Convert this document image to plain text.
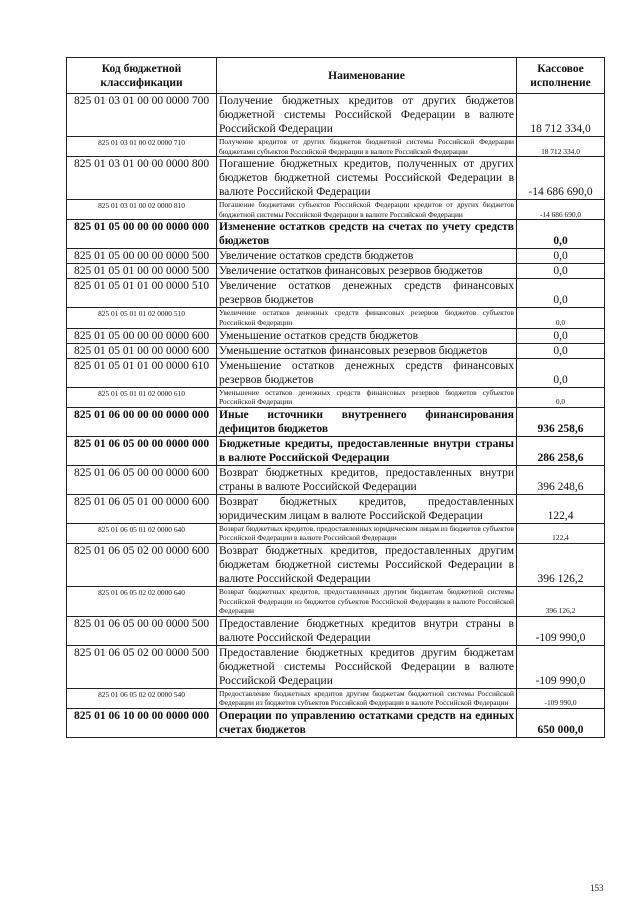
Код бюджетной классификации	Наименование	Кассовое исполнение
825 01 03 01 00 00 0000 700	Получение бюджетных кредитов от других бюджетов бюджетной системы Российской Федерации в валюте Российской Федерации	18 712 334,0
825 01 03 01 00 02 0000 710	Получение кредитов от других бюджетов бюджетной системы Российской Федерации бюджетами субъектов Российской Федерации в валюте Российской Федерации	18 712 334,0
825 01 03 01 00 00 0000 800	Погашение бюджетных кредитов, полученных от других бюджетов бюджетной системы Российской Федерации в валюте Российской Федерации	-14 686 690,0
825 01 03 01 00 02 0000 810	Погашение бюджетами субъектов Российской Федерации кредитов от других бюджетов бюджетной системы Российской Федерации в валюте Российской Федерации	-14 686 690,0
825 01 05 00 00 00 0000 000	Изменение остатков средств на счетах по учету средств бюджетов	0,0
825 01 05 00 00 00 0000 500	Увеличение остатков средств бюджетов	0,0
825 01 05 01 00 00 0000 500	Увеличение остатков финансовых резервов бюджетов	0,0
825 01 05 01 01 00 0000 510	Увеличение остатков денежных средств финансовых резервов бюджетов	0,0
825 01 05 01 01 02 0000 510	Увеличение остатков денежных средств финансовых резервов бюджетов субъектов Российской Федерации	0,0
825 01 05 00 00 00 0000 600	Уменьшение остатков средств бюджетов	0,0
825 01 05 01 00 00 0000 600	Уменьшение остатков финансовых резервов бюджетов	0,0
825 01 05 01 01 00 0000 610	Уменьшение остатков денежных средств финансовых резервов бюджетов	0,0
825 01 05 01 01 02 0000 610	Уменьшение остатков денежных средств финансовых резервов бюджетов субъектов Российской Федерации	0,0
825 01 06 00 00 00 0000 000	Иные источники внутреннего финансирования дефицитов бюджетов	936 258,6
825 01 06 05 00 00 0000 000	Бюджетные кредиты, предоставленные внутри страны в валюте Российской Федерации	286 258,6
825 01 06 05 00 00 0000 600	Возврат бюджетных кредитов, предоставленных внутри страны в валюте Российской Федерации	396 248,6
825 01 06 05 01 00 0000 600	Возврат бюджетных кредитов, предоставленных юридическим лицам в валюте Российской Федерации	122,4
825 01 06 05 01 02 0000 640	Возврат бюджетных кредитов, предоставленных юридическим лицам из бюджетов субъектов Российской Федерации в валюте Российской Федерации	122,4
825 01 06 05 02 00 0000 600	Возврат бюджетных кредитов, предоставленных другим бюджетам бюджетной системы Российской Федерации в валюте Российской Федерации	396 126,2
825 01 06 05 02 02 0000 640	Возврат бюджетных кредитов, предоставленных другим бюджетам бюджетной системы Российской Федерации из бюджетов субъектов Российской Федерации в валюте Российской Федерации	396 126,2
825 01 06 05 00 00 0000 500	Предоставление бюджетных кредитов внутри страны в валюте Российской Федерации	-109 990,0
825 01 06 05 02 00 0000 500	Предоставление бюджетных кредитов другим бюджетам бюджетной системы Российской Федерации в валюте Российской Федерации	-109 990,0
825 01 06 05 02 02 0000 540	Предоставление бюджетных кредитов другим бюджетам бюджетной системы Российской Федерации из бюджетов субъектов Российской Федерации в валюте Российской Федерации	-109 990,0
825 01 06 10 00 00 0000 000	Операции по управлению остатками средств на единых счетах бюджетов	650 000,0
153
